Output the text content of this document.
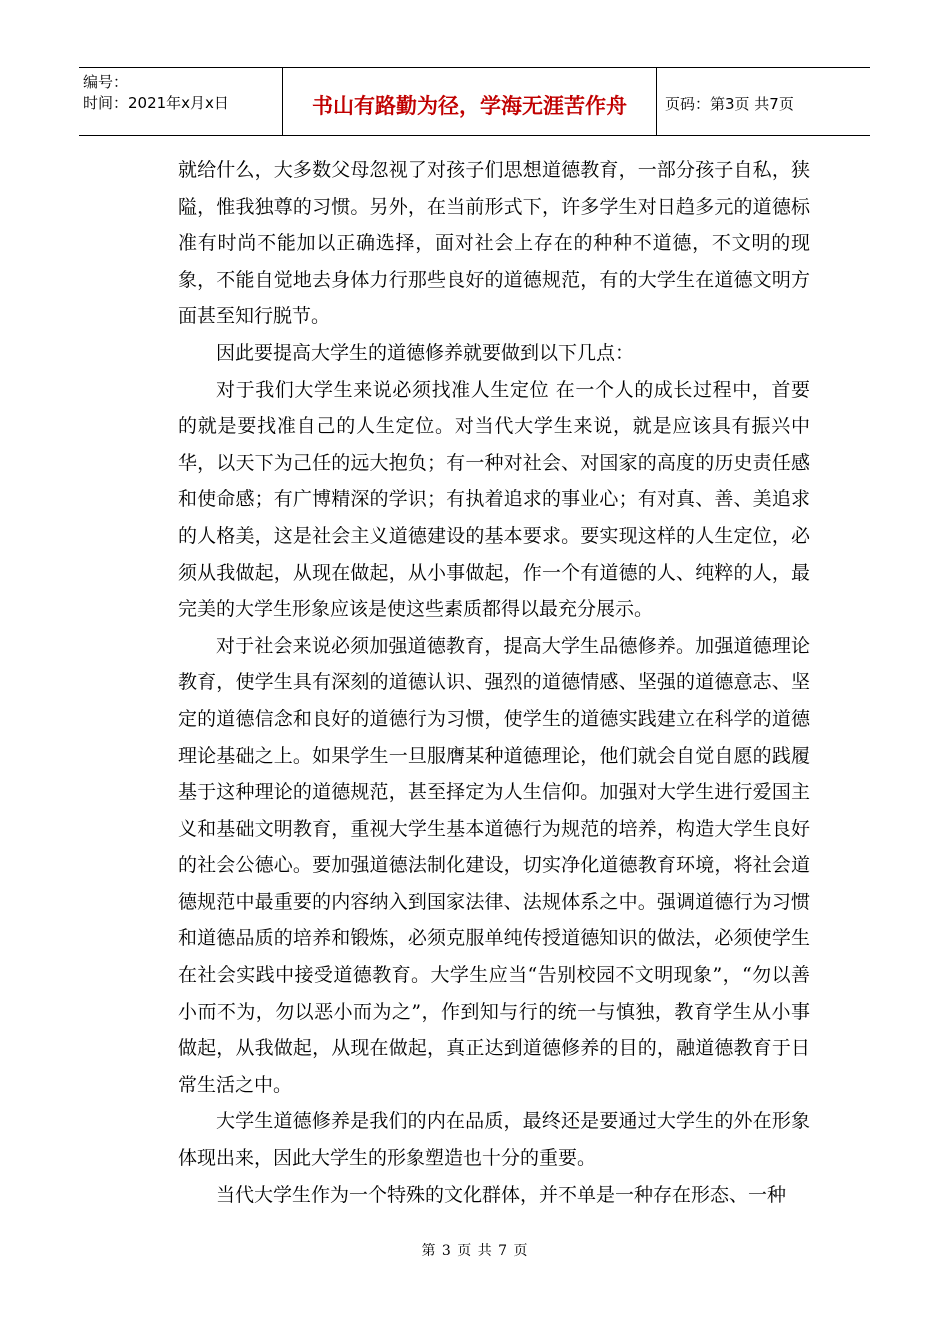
编号：
时间：2021年x月x日	书山有路勤为径，学海无涯苦作舟	页码：第3页 共7页

就给什么，大多数父母忽视了对孩子们思想道德教育，一部分孩子自私，狭隘，惟我独尊的习惯。另外，在当前形式下，许多学生对日趋多元的道德标准有时尚不能加以正确选择，面对社会上存在的种种不道德，不文明的现象，不能自觉地去身体力行那些良好的道德规范，有的大学生在道德文明方面甚至知行脱节。

因此要提高大学生的道德修养就要做到以下几点：

对于我们大学生来说必须找准人生定位 在一个人的成长过程中，首要的就是要找准自己的人生定位。对当代大学生来说，就是应该具有振兴中华，以天下为己任的远大抱负；有一种对社会、对国家的高度的历史责任感和使命感；有广博精深的学识；有执着追求的事业心；有对真、善、美追求的人格美，这是社会主义道德建设的基本要求。要实现这样的人生定位，必须从我做起，从现在做起，从小事做起，作一个有道德的人、纯粹的人，最完美的大学生形象应该是使这些素质都得以最充分展示。

对于社会来说必须加强道德教育，提高大学生品德修养。加强道德理论教育，使学生具有深刻的道德认识、强烈的道德情感、坚强的道德意志、坚定的道德信念和良好的道德行为习惯，使学生的道德实践建立在科学的道德理论基础之上。如果学生一旦服膺某种道德理论，他们就会自觉自愿的践履基于这种理论的道德规范，甚至择定为人生信仰。加强对大学生进行爱国主义和基础文明教育，重视大学生基本道德行为规范的培养，构造大学生良好的社会公德心。要加强道德法制化建设，切实净化道德教育环境，将社会道德规范中最重要的内容纳入到国家法律、法规体系之中。强调道德行为习惯和道德品质的培养和锻炼，必须克服单纯传授道德知识的做法，必须使学生在社会实践中接受道德教育。大学生应当“告别校园不文明现象”，“勿以善小而不为，勿以恶小而为之”，作到知与行的统一与慎独，教育学生从小事做起，从我做起，从现在做起，真正达到道德修养的目的，融道德教育于日常生活之中。

大学生道德修养是我们的内在品质，最终还是要通过大学生的外在形象体现出来，因此大学生的形象塑造也十分的重要。

当代大学生作为一个特殊的文化群体，并不单是一种存在形态、一种

第 3 页 共 7 页
